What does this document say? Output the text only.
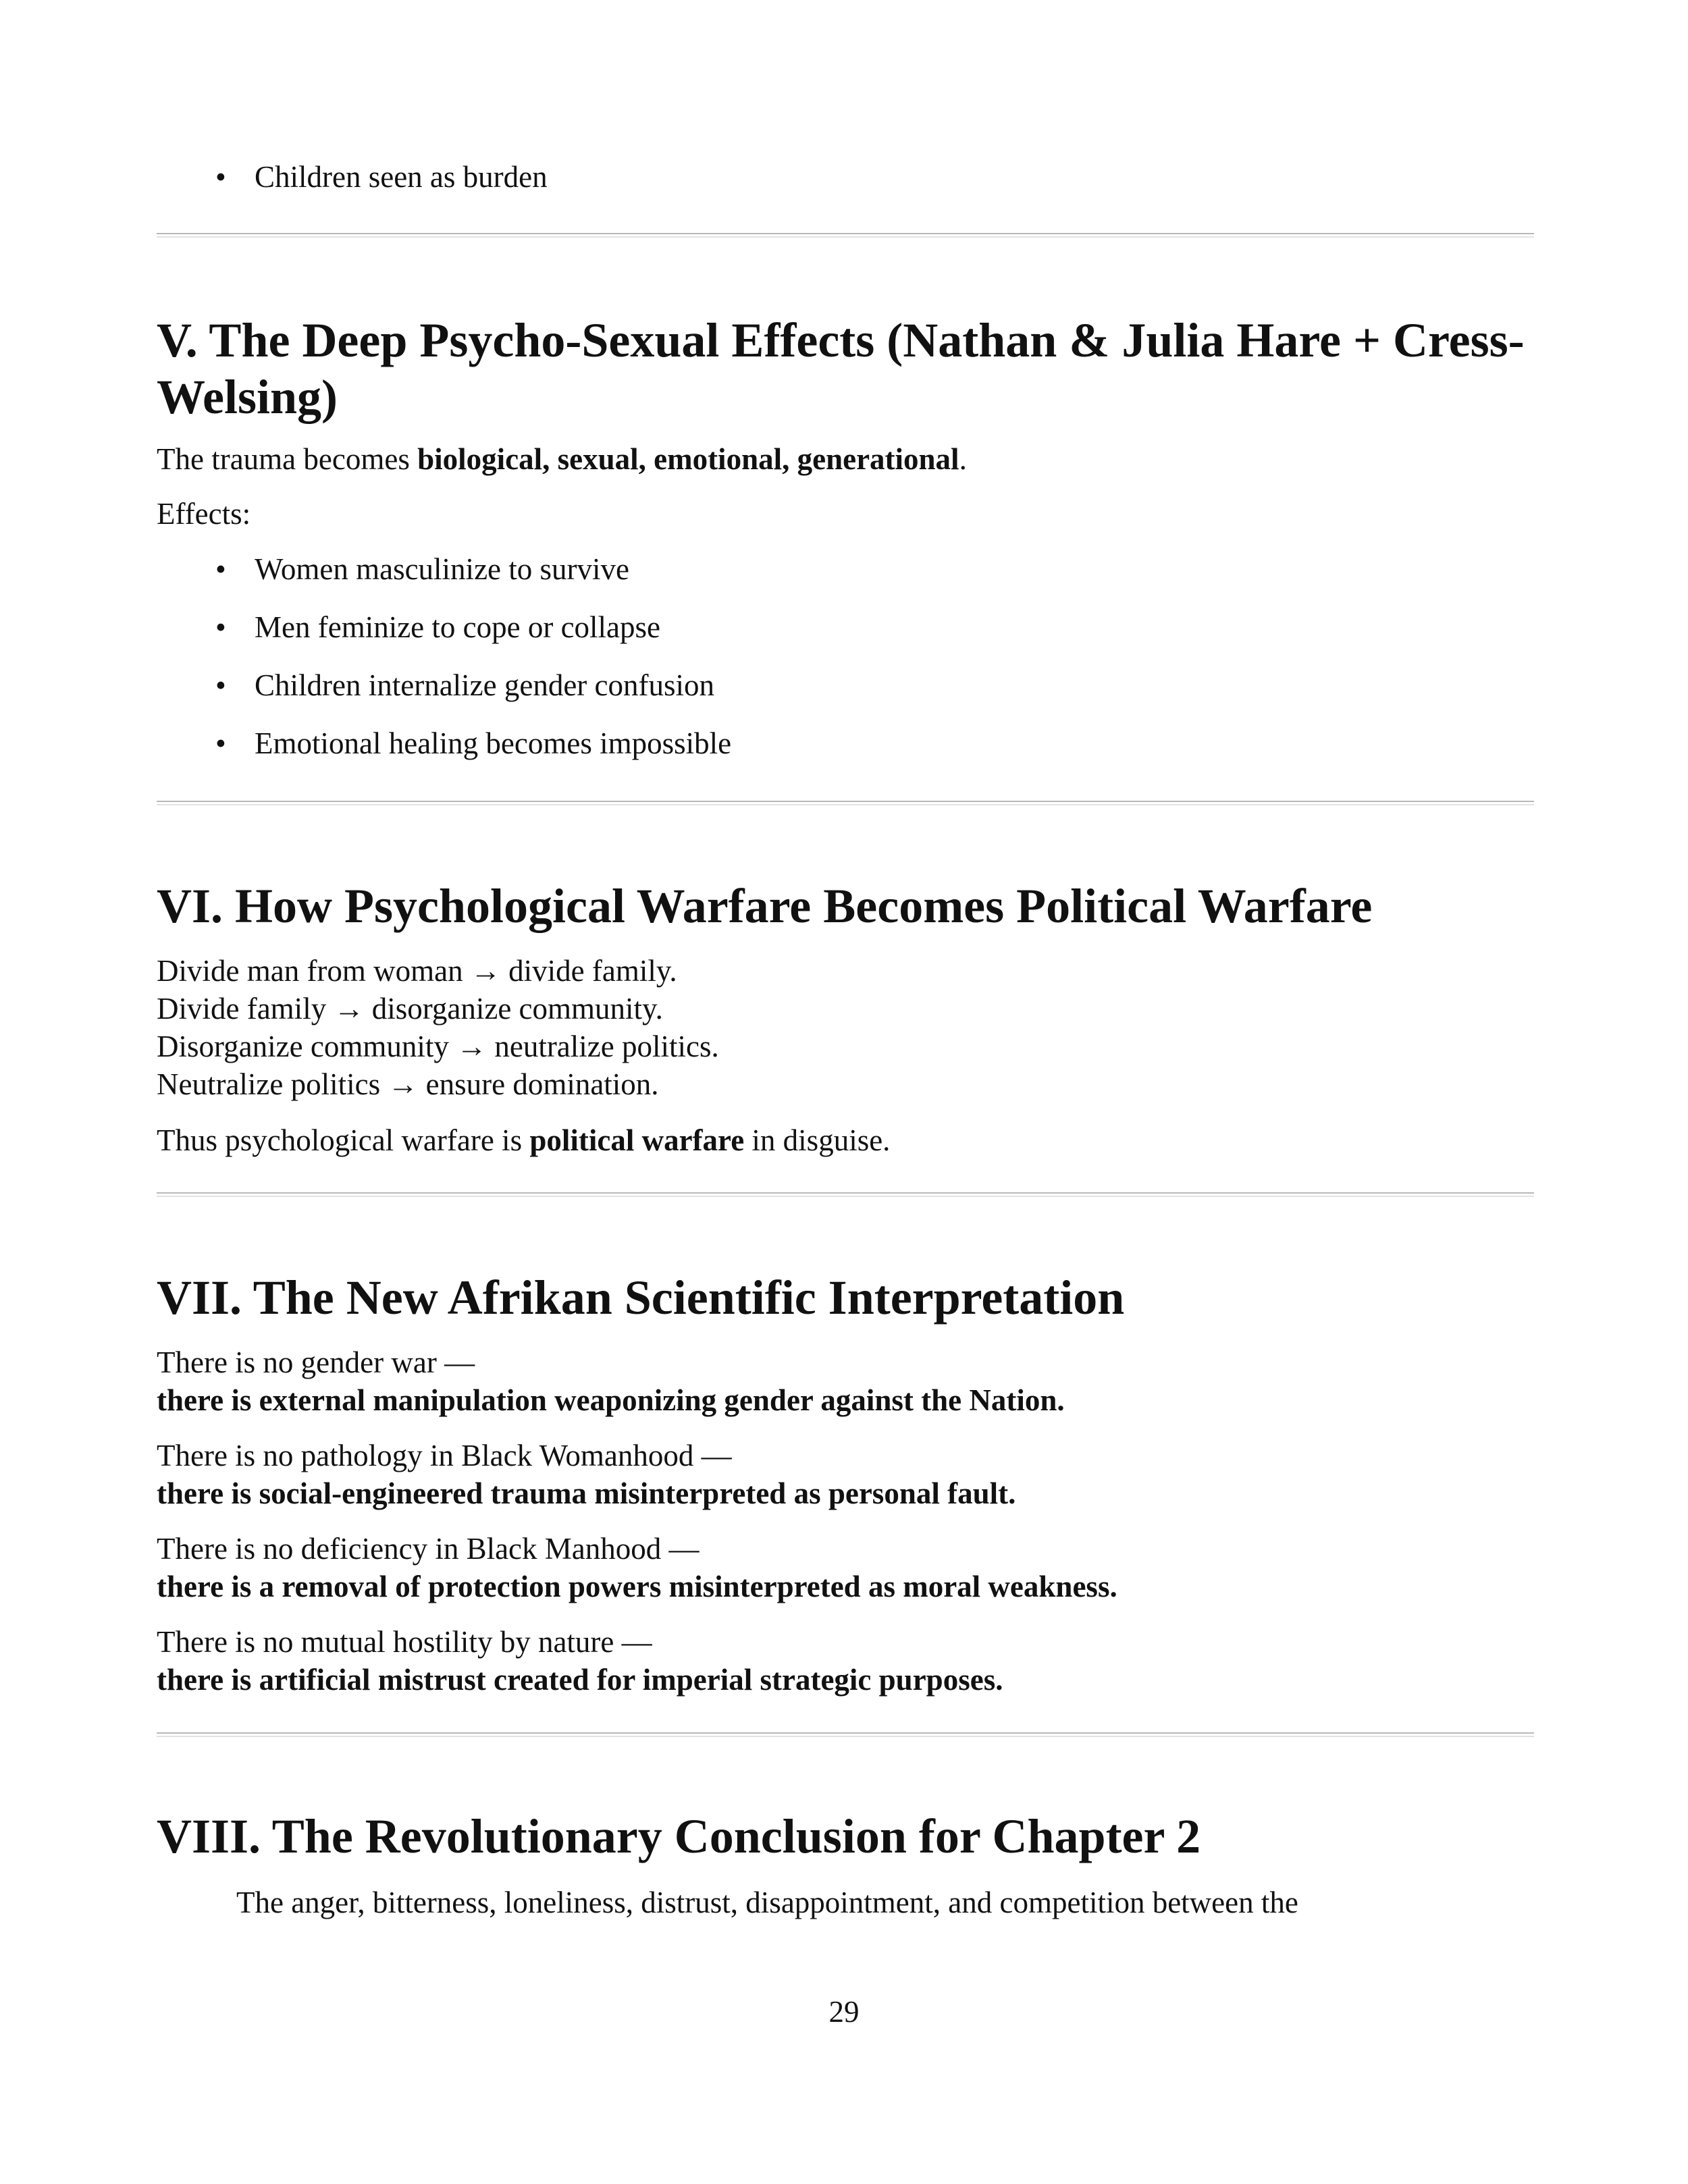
• Children seen as burden
V. The Deep Psycho-Sexual Effects (Nathan & Julia Hare + Cress-Welsing)

The trauma becomes biological, sexual, emotional, generational.

Effects:

• Women masculinize to survive
• Men feminize to cope or collapse
• Children internalize gender confusion
• Emotional healing becomes impossible
VI. How Psychological Warfare Becomes Political Warfare

Divide man from woman → divide family.

Divide family → disorganize community.

Disorganize community → neutralize politics.

Neutralize politics → ensure domination.

Thus psychological warfare is political warfare in disguise.

VII. The New Afrikan Scientific Interpretation

There is no gender war —

there is external manipulation weaponizing gender against the Nation.

There is no pathology in Black Womanhood —

there is social-engineered trauma misinterpreted as personal fault.

There is no deficiency in Black Manhood —

there is a removal of protection powers misinterpreted as moral weakness.

There is no mutual hostility by nature —

there is artificial mistrust created for imperial strategic purposes.

VIII. The Revolutionary Conclusion for Chapter 2

The anger, bitterness, loneliness, distrust, disappointment, and competition between the

29
